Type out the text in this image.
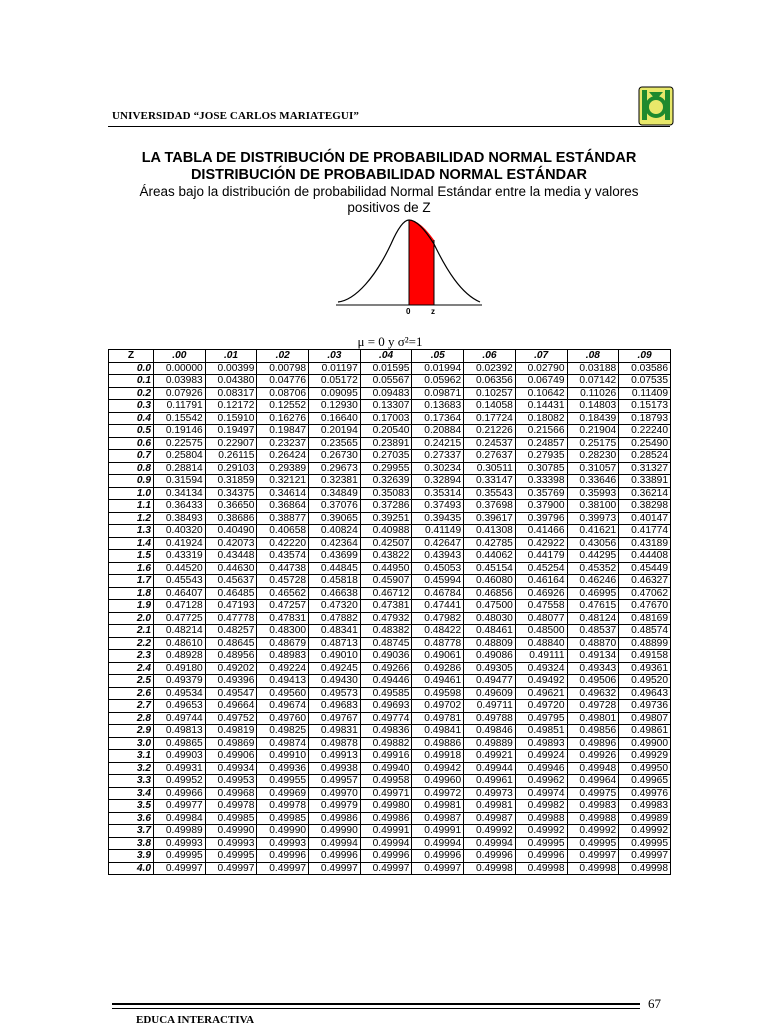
UNIVERSIDAD “JOSE CARLOS MARIATEGUI”
LA TABLA DE DISTRIBUCIÓN DE PROBABILIDAD NORMAL ESTÁNDAR
DISTRIBUCIÓN DE PROBABILIDAD NORMAL ESTÁNDAR
Áreas bajo la distribución de probabilidad Normal Estándar entre la media y valores
positivos de Z
0	z
μ = 0 y σ²=1
Z	.00	.01	.02	.03	.04	.05	.06	.07	.08	.09
0.0	0.00000	0.00399	0.00798	0.01197	0.01595	0.01994	0.02392	0.02790	0.03188	0.03586
0.1	0.03983	0.04380	0.04776	0.05172	0.05567	0.05962	0.06356	0.06749	0.07142	0.07535
0.2	0.07926	0.08317	0.08706	0.09095	0.09483	0.09871	0.10257	0.10642	0.11026	0.11409
0.3	0.11791	0.12172	0.12552	0.12930	0.13307	0.13683	0.14058	0.14431	0.14803	0.15173
0.4	0.15542	0.15910	0.16276	0.16640	0.17003	0.17364	0.17724	0.18082	0.18439	0.18793
0.5	0.19146	0.19497	0.19847	0.20194	0.20540	0.20884	0.21226	0.21566	0.21904	0.22240
0.6	0.22575	0.22907	0.23237	0.23565	0.23891	0.24215	0.24537	0.24857	0.25175	0.25490
0.7	0.25804	0.26115	0.26424	0.26730	0.27035	0.27337	0.27637	0.27935	0.28230	0.28524
0.8	0.28814	0.29103	0.29389	0.29673	0.29955	0.30234	0.30511	0.30785	0.31057	0.31327
0.9	0.31594	0.31859	0.32121	0.32381	0.32639	0.32894	0.33147	0.33398	0.33646	0.33891
1.0	0.34134	0.34375	0.34614	0.34849	0.35083	0.35314	0.35543	0.35769	0.35993	0.36214
1.1	0.36433	0.36650	0.36864	0.37076	0.37286	0.37493	0.37698	0.37900	0.38100	0.38298
1.2	0.38493	0.38686	0.38877	0.39065	0.39251	0.39435	0.39617	0.39796	0.39973	0.40147
1.3	0.40320	0.40490	0.40658	0.40824	0.40988	0.41149	0.41308	0.41466	0.41621	0.41774
1.4	0.41924	0.42073	0.42220	0.42364	0.42507	0.42647	0.42785	0.42922	0.43056	0.43189
1.5	0.43319	0.43448	0.43574	0.43699	0.43822	0.43943	0.44062	0.44179	0.44295	0.44408
1.6	0.44520	0.44630	0.44738	0.44845	0.44950	0.45053	0.45154	0.45254	0.45352	0.45449
1.7	0.45543	0.45637	0.45728	0.45818	0.45907	0.45994	0.46080	0.46164	0.46246	0.46327
1.8	0.46407	0.46485	0.46562	0.46638	0.46712	0.46784	0.46856	0.46926	0.46995	0.47062
1.9	0.47128	0.47193	0.47257	0.47320	0.47381	0.47441	0.47500	0.47558	0.47615	0.47670
2.0	0.47725	0.47778	0.47831	0.47882	0.47932	0.47982	0.48030	0.48077	0.48124	0.48169
2.1	0.48214	0.48257	0.48300	0.48341	0.48382	0.48422	0.48461	0.48500	0.48537	0.48574
2.2	0.48610	0.48645	0.48679	0.48713	0.48745	0.48778	0.48809	0.48840	0.48870	0.48899
2.3	0.48928	0.48956	0.48983	0.49010	0.49036	0.49061	0.49086	0.49111	0.49134	0.49158
2.4	0.49180	0.49202	0.49224	0.49245	0.49266	0.49286	0.49305	0.49324	0.49343	0.49361
2.5	0.49379	0.49396	0.49413	0.49430	0.49446	0.49461	0.49477	0.49492	0.49506	0.49520
2.6	0.49534	0.49547	0.49560	0.49573	0.49585	0.49598	0.49609	0.49621	0.49632	0.49643
2.7	0.49653	0.49664	0.49674	0.49683	0.49693	0.49702	0.49711	0.49720	0.49728	0.49736
2.8	0.49744	0.49752	0.49760	0.49767	0.49774	0.49781	0.49788	0.49795	0.49801	0.49807
2.9	0.49813	0.49819	0.49825	0.49831	0.49836	0.49841	0.49846	0.49851	0.49856	0.49861
3.0	0.49865	0.49869	0.49874	0.49878	0.49882	0.49886	0.49889	0.49893	0.49896	0.49900
3.1	0.49903	0.49906	0.49910	0.49913	0.49916	0.49918	0.49921	0.49924	0.49926	0.49929
3.2	0.49931	0.49934	0.49936	0.49938	0.49940	0.49942	0.49944	0.49946	0.49948	0.49950
3.3	0.49952	0.49953	0.49955	0.49957	0.49958	0.49960	0.49961	0.49962	0.49964	0.49965
3.4	0.49966	0.49968	0.49969	0.49970	0.49971	0.49972	0.49973	0.49974	0.49975	0.49976
3.5	0.49977	0.49978	0.49978	0.49979	0.49980	0.49981	0.49981	0.49982	0.49983	0.49983
3.6	0.49984	0.49985	0.49985	0.49986	0.49986	0.49987	0.49987	0.49988	0.49988	0.49989
3.7	0.49989	0.49990	0.49990	0.49990	0.49991	0.49991	0.49992	0.49992	0.49992	0.49992
3.8	0.49993	0.49993	0.49993	0.49994	0.49994	0.49994	0.49994	0.49995	0.49995	0.49995
3.9	0.49995	0.49995	0.49996	0.49996	0.49996	0.49996	0.49996	0.49996	0.49997	0.49997
4.0	0.49997	0.49997	0.49997	0.49997	0.49997	0.49997	0.49998	0.49998	0.49998	0.49998
67
EDUCA INTERACTIVA
